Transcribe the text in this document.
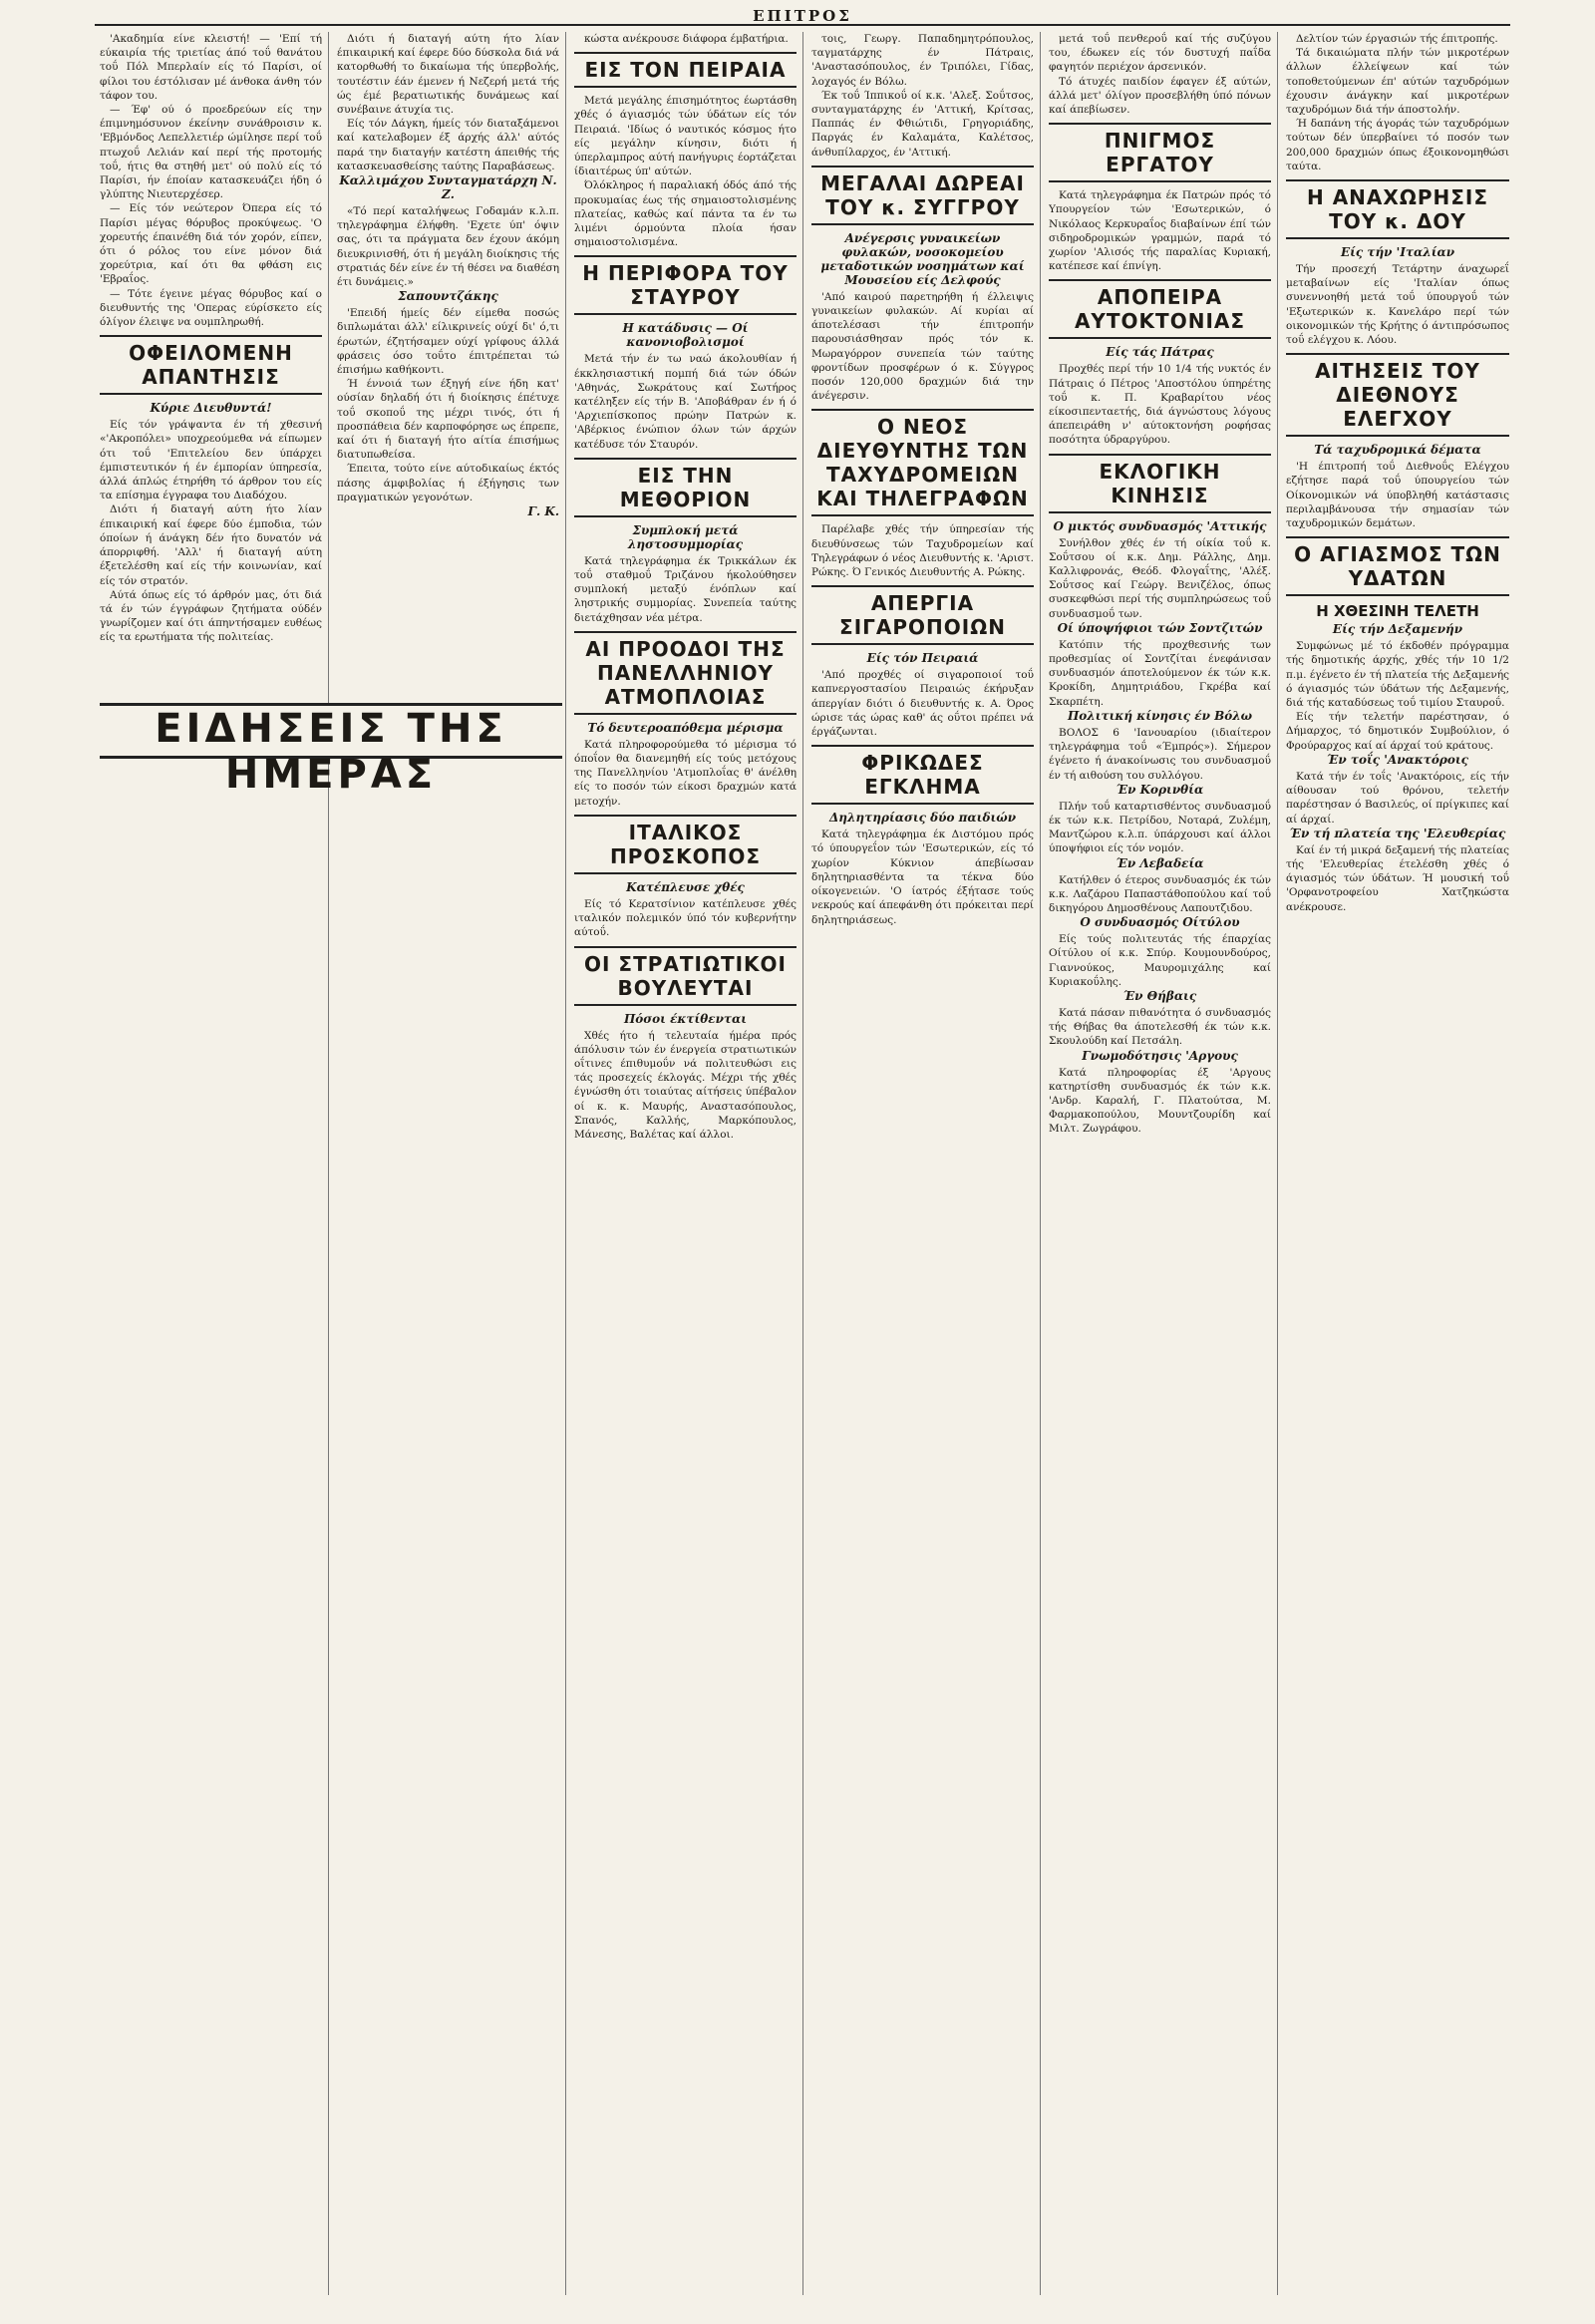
ΕΠΙΤΡΟΣ

'Ακαδημία είνε κλειστή! — 'Επί τή εύκαιρία τής τριετίας άπό τοΰ θανάτου τοΰ Πόλ Μπερλαίν είς τό Παρίσι, οί φίλοι του έστόλισαν μέ άνθοκα άνθη τόν τάφον του.

— Έφ' ού ό προεδρεύων είς την έπιμνημόσυνον έκείνην συνάθροισιν κ. 'Εβμόνδος Λεπελλετιέρ ώμίλησε περί τοΰ πτωχοΰ Λελιάν καί περί τής προτομής τοΰ, ήτις θα στηθή μετ' ού πολύ είς τό Παρίσι, ήν έποίαν κατασκευάζει ήδη ό γλύπτης Νιευτερχέσερ.

— Είς τόν νεώτερον Όπερα είς τό Παρίσι μέγας θόρυβος προκύψεως. 'Ο χορευτής έπαινέθη διά τόν χορόν, είπεν, ότι ό ρόλος του είνε μόνον διά χορεύτρια, καί ότι θα φθάση εις 'Εβραΐος.

— Τότε έγεινε μέγας θόρυβος καί ο διευθυντής της 'Οπερας εύρίσκετο είς όλίγον έλειψε να ουμπληρωθή.

ΟΦΕΙΛΟΜΕΝΗ ΑΠΑΝΤΗΣΙΣ
Κύριε Διευθυντά!

Είς τόν γράψαντα έν τή χθεσινή «'Ακροπόλει» υποχρεούμεθα νά είπωμεν ότι τοΰ 'Επιτελείου δεν ύπάρχει έμπιστευτικόν ή έν έμπορίαν ύπηρεσία, άλλά άπλώς έτηρήθη τό άρθρον του είς τα επίσημα έγγραφα του Διαδόχου.

Διότι ή διαταγή αύτη ήτο λίαν έπικαιρική καί έφερε δύο έμποδια, τών όποίων ή άνάγκη δέν ήτο δυνατόν νά άπορριφθή. 'Αλλ' ή διαταγή αύτη έξετελέσθη καί είς τήν κοινωνίαν, καί είς τόν στρατόν.

Αύτά όπως είς τό άρθρόν μας, ότι διά τά έν τών έγγράφων ζητήματα ούδέν γνωρίζομεν καί ότι άπηντήσαμεν ευθέως είς τα ερωτήματα τής πολιτείας.

Διότι ή διαταγή αύτη ήτο λίαν έπικαιρική καί έφερε δύο δύσκολα διά νά κατορθωθή το δικαίωμα τής ύπερβολής, τουτέστιν έάν έμενεν ή Νεζερή μετά τής ώς έμέ βερατιωτικής δυνάμεως καί συνέβαινε άτυχία τις.

Είς τόν Δάγκη, ήμείς τόν διαταξάμενοι καί κατελαβομεν έξ άρχής άλλ' αύτός παρά την διαταγήν κατέστη άπειθής τής κατασκευασθείσης ταύτης Παραβάσεως.

Καλλιμάχου Συνταγματάρχη Ν. Ζ.

«Τό περί καταλήψεως Γοδαμάν κ.λ.π. τηλεγράφημα έλήφθη. 'Εχετε ύπ' όψιν σας, ότι τα πράγματα δεν έχουν άκόμη διευκρινισθή, ότι ή μεγάλη διοίκησις τής στρατιάς δέν είνε έν τή θέσει να διαθέση έτι δυνάμεις.»

Σαπουντζάκης

'Επειδή ήμείς δέν είμεθα ποσώς διπλωμάται άλλ' είλικρινείς ούχί δι' ό,τι έρωτών, έζητήσαμεν ούχί γρίφους άλλά φράσεις όσο τοΰτο έπιτρέπεται τώ έπισήμω καθήκοντι.

Ή έννοιά των έξηγή είνε ήδη κατ' ούσίαν δηλαδή ότι ή διοίκησις έπέτυχε τοΰ σκοποΰ της μέχρι τινός, ότι ή προσπάθεια δέν καρποφόρησε ως έπρεπε, καί ότι ή διαταγή ήτο αίτία έπισήμως διατυπωθείσα.

Έπειτα, τούτο είνε αύτοδικαίως έκτός πάσης άμφιβολίας ή έξήγησις των πραγματικών γεγονότων.

Γ. Κ.

κώστα ανέκρουσε διάφορα έμβατήρια.

ΕΙΣ ΤΟΝ ΠΕΙΡΑΙΑ

Μετά μεγάλης έπισημότητος έωρτάσθη χθές ό άγιασμός τών ύδάτων είς τόν Πειραιά. 'Ιδίως ό ναυτικός κόσμος ήτο είς μεγάλην κίνησιν, διότι ή ύπερλαμπρος αύτή πανήγυρις έορτάζεται ίδιαιτέρως ύπ' αύτών.

Όλόκληρος ή παραλιακή όδός άπό τής προκυμαίας έως τής σημαιοστολισμένης πλατείας, καθώς καί πάντα τα έν τω λιμένι όρμούντα πλοία ήσαν σημαιοστολισμένα.

Η ΠΕΡΙΦΟΡΑ ΤΟΥ ΣΤΑΥΡΟΥ
Η κατάδυσις — Οί κανονιοβολισμοί

Μετά τήν έν τω ναώ άκολουθίαν ή έκκλησιαστική πομπή διά τών όδών 'Αθηνάς, Σωκράτους καί Σωτήρος κατέληξεν είς τήν Β. 'Αποβάθραν έν ή ό 'Αρχιεπίσκοπος πρώην Πατρών κ. 'Αβέρκιος ένώπιον όλων τών άρχών κατέδυσε τόν Σταυρόν.

ΕΙΣ ΤΗΝ ΜΕΘΟΡΙΟΝ
Συμπλοκή μετά ληστοσυμμορίας

Κατά τηλεγράφημα έκ Τρικκάλων έκ τοΰ σταθμοΰ Τριζάνου ήκολούθησεν συμπλοκή μεταξύ ένόπλων καί ληστρικής συμμορίας. Συνεπεία ταύτης διετάχθησαν νέα μέτρα.

ΑΙ ΠΡΟΟΔΟΙ ΤΗΣ ΠΑΝΕΛΛΗΝΙΟΥ ΑΤΜΟΠΛΟΙΑΣ
Τό δευτεροαπόθεμα μέρισμα

Κατά πληροφορούμεθα τό μέρισμα τό όποΐον θα διανεμηθή είς τούς μετόχους της Πανελληνίου 'Ατμοπλοΐας θ' άνέλθη είς το ποσόν τών είκοσι δραχμών κατά μετοχήν.

ΙΤΑΛΙΚΟΣ ΠΡΟΣΚΟΠΟΣ
Κατέπλευσε χθές

Είς τό Κερατσίνιον κατέπλευσε χθές ιταλικόν πολεμικόν ύπό τόν κυβερνήτην αύτοΰ.

ΟΙ ΣΤΡΑΤΙΩΤΙΚΟΙ ΒΟΥΛΕΥΤΑΙ
Πόσοι έκτίθενται

Χθές ήτο ή τελευταία ήμέρα πρός άπόλυσιν τών έν ένεργεία στρατιωτικών οΐτινες έπιθυμοΰν νά πολιτευθώσι εις τάς προσεχείς έκλογάς. Μέχρι τής χθές έγνώσθη ότι τοιαύτας αίτήσεις ύπέβαλον οί κ. κ. Μαυρής, Αναστασόπουλος, Σπανός, Καλλής, Μαρκόπουλος, Μάνεσης, Βαλέτας καί άλλοι.

τοις, Γεωργ. Παπαδημητρόπουλος, ταγματάρχης έν Πάτραις, 'Αναστασόπουλος, έν Τριπόλει, Γίδας, λοχαγός έν Βόλω.

Έκ τοΰ Ίππικοΰ οί κ.κ. 'Αλεξ. Σοΰτσος, συνταγματάρχης έν 'Αττική, Κρίτσας, Παππάς έν Φθιώτιδι, Γρηγοριάδης, Παργάς έν Καλαμάτα, Καλέτσος, άνθυπίλαρχος, έν 'Αττική.

ΜΕΓΑΛΑΙ ΔΩΡΕΑΙ ΤΟΥ κ. ΣΥΓΓΡΟΥ
Ανέγερσις γυναικείων φυλακών, νοσοκομείου μεταδοτικών νοσημάτων καί Μουσείου είς Δελφούς

'Από καιρού παρετηρήθη ή έλλειψις γυναικείων φυλακών. Αί κυρίαι αί άποτελέσασι τήν έπιτροπήν παρουσιάσθησαν πρός τόν κ. Μωραγόρρον συνεπεία τών ταύτης φροντίδων προσφέρων ό κ. Σύγγρος ποσόν 120,000 δραχμών διά την άνέγερσιν.

Ο ΝΕΟΣ ΔΙΕΥΘΥΝΤΗΣ ΤΩΝ ΤΑΧΥΔΡΟΜΕΙΩΝ ΚΑΙ ΤΗΛΕΓΡΑΦΩΝ

Παρέλαβε χθές τήν ύπηρεσίαν τής διευθύνσεως τών Ταχυδρομείων καί Τηλεγράφων ό νέος Διευθυντής κ. 'Αριστ. Ρώκης. Ό Γενικός Διευθυντής Α. Ρώκης.

ΑΠΕΡΓΙΑ ΣΙΓΑΡΟΠΟΙΩΝ
Είς τόν Πειραιά

'Από προχθές οί σιγαροποιοί τοΰ καπνεργοστασίου Πειραιώς έκήρυξαν άπεργίαν διότι ό διευθυντής κ. Α. Όρος ώρισε τάς ώρας καθ' άς οΰτοι πρέπει νά έργάζωνται.

ΦΡΙΚΩΔΕΣ ΕΓΚΛΗΜΑ
Δηλητηρίασις δύο παιδιών

Κατά τηλεγράφημα έκ Διστόμου πρός τό ύπουργεΐον τών 'Εσωτερικών, είς τό χωρίον Κύκνιον άπεβίωσαν δηλητηριασθέντα τα τέκνα δύο οίκογενειών. 'Ο ίατρός έξήτασε τούς νεκρούς καί άπεφάνθη ότι πρόκειται περί δηλητηριάσεως.

μετά τοΰ πενθεροΰ καί τής συζύγου του, έδωκεν είς τόν δυστυχή παΐδα φαγητόν περιέχον άρσενικόν.

Τό άτυχές παιδίον έφαγεν έξ αύτών, άλλά μετ' όλίγον προσεβλήθη ύπό πόνων καί άπεβίωσεν.

ΠΝΙΓΜΟΣ ΕΡΓΑΤΟΥ

Κατά τηλεγράφημα έκ Πατρών πρός τό Υπουργείον τών 'Εσωτερικών, ό Νικόλαος Κερκυραΐος διαβαίνων έπί τών σιδηροδρομικών γραμμών, παρά τό χωρίον 'Αλισός τής παραλίας Κυριακή, κατέπεσε καί έπνίγη.

ΑΠΟΠΕΙΡΑ ΑΥΤΟΚΤΟΝΙΑΣ
Είς τάς Πάτρας

Προχθές περί τήν 10 1/4 τής νυκτός έν Πάτραις ό Πέτρος 'Αποστόλου ύπηρέτης τοΰ κ. Π. Κραβαρίτου νέος είκοσιπενταετής, διά άγνώστους λόγους άπεπειράθη ν' αύτοκτονήση ροφήσας ποσότητα ύδραργύρου.

ΕΚΛΟΓΙΚΗ ΚΙΝΗΣΙΣ
Ο μικτός συνδυασμός 'Αττικής

Συνήλθον χθές έν τή οίκία τοΰ κ. Σοΰτσου οί κ.κ. Δημ. Ράλλης, Δημ. Καλλιφρονάς, Θεόδ. Φλογαΐτης, 'Αλέξ. Σοΰτσος καί Γεώργ. Βενιζέλος, όπως συσκεφθώσι περί τής συμπληρώσεως τοΰ συνδυασμοΰ των.

Οί ύποψήφιοι τών Σοντζιτών

Κατόπιν τής προχθεσινής των προθεσμίας οί Σοντζίται ένεφάνισαν συνδυασμόν άποτελούμενον έκ τών κ.κ. Κροκίδη, Δημητριάδου, Γκρέβα καί Σκαρπέτη.

Πολιτική κίνησις έν Βόλω

ΒΟΛΟΣ 6 'Ιανουαρίου (ιδιαίτερον τηλεγράφημα τοΰ «Έμπρός»). Σήμερον έγένετο ή άνακοίνωσις του συνδυασμοΰ έν τή αιθούση του συλλόγου.

Έν Κορινθία

Πλήν τοΰ καταρτισθέντος συνδυασμοΰ έκ τών κ.κ. Πετρίδου, Νοταρά, Ζυλέμη, Μαντζώρου κ.λ.π. ύπάρχουσι καί άλλοι ύποψήφιοι είς τόν νομόν.

Έν Λεβαδεία

Κατήλθεν ό έτερος συνδυασμός έκ τών κ.κ. Λαζάρου Παπαστάθοπούλου καί τοΰ δικηγόρου Δημοσθένους Λαπουτζιδου.

Ο συνδυασμός Οίτύλου

Είς τούς πολιτευτάς τής έπαρχίας Οίτύλου οί κ.κ. Σπύρ. Κουμουνδούρος, Γιαννούκος, Μαυρομιχάλης καί Κυριακοΰλης.

Έν Θήβαις

Κατά πάσαν πιθανότητα ό συνδυασμός τής Θήβας θα άποτελεσθή έκ τών κ.κ. Σκουλούδη καί Πετσάλη.

Γνωμοδότησις 'Αργους

Κατά πληροφορίας έξ 'Αργους κατηρτίσθη συνδυασμός έκ τών κ.κ. 'Ανδρ. Καραλή, Γ. Πλατούτσα, Μ. Φαρμακοπούλου, Μουντζουρίδη καί Μιλτ. Ζωγράφου.

Δελτίον τών έργασιών τής έπιτροπής.

Τά δικαιώματα πλήν τών μικροτέρων άλλων έλλείψεων καί τών τοποθετούμενων έπ' αύτών ταχυδρόμων έχουσιν άνάγκην καί μικροτέρων ταχυδρόμων διά τήν άποστολήν.

Ή δαπάνη τής άγοράς τών ταχυδρόμων τούτων δέν ύπερβαίνει τό ποσόν των 200,000 δραχμών όπως έξοικονομηθώσι ταύτα.

Η ΑΝΑΧΩΡΗΣΙΣ ΤΟΥ κ. ΔΟΥ
Είς τήν 'Ιταλίαν

Τήν προσεχή Τετάρτην άναχωρεΐ μεταβαίνων είς 'Ιταλίαν όπως συνεννοηθή μετά τοΰ ύπουργοΰ τών 'Εξωτερικών κ. Κανελάρο περί τών οικονομικών τής Κρήτης ό άντιπρόσωπος τοΰ ελέγχου κ. Λόου.

ΑΙΤΗΣΕΙΣ ΤΟΥ ΔΙΕΘΝΟΥΣ ΕΛΕΓΧΟΥ
Τά ταχυδρομικά δέματα

'Η έπιτροπή τοΰ Διεθνοΰς Ελέγχου εζήτησε παρά τοΰ ύπουργείου τών Οίκονομικών νά ύποβληθή κατάστασις περιλαμβάνουσα τήν σημασίαν τών ταχυδρομικών δεμάτων.

Ο ΑΓΙΑΣΜΟΣ ΤΩΝ ΥΔΑΤΩΝ
Η ΧΘΕΣΙΝΗ ΤΕΛΕΤΗ
Είς τήν Δεξαμενήν

Συμφώνως μέ τό έκδοθέν πρόγραμμα τής δημοτικής άρχής, χθές τήν 10 1/2 π.μ. έγένετο έν τή πλατεία τής Δεξαμενής ό άγιασμός τών ύδάτων τής Δεξαμενής, διά τής καταδύσεως τοΰ τιμίου Σταυροΰ.

Είς τήν τελετήν παρέστησαν, ό Δήμαρχος, τό δημοτικόν Συμβούλιον, ό Φρούραρχος καί αί άρχαί τού κράτους.

Έν τοΐς 'Ανακτόροις

Κατά τήν έν τοΐς 'Ανακτόροις, είς τήν αίθουσαν τού θρόνου, τελετήν παρέστησαν ό Βασιλεύς, οί πρίγκιπες καί αί άρχαί.

Έν τή πλατεία της 'Ελευθερίας

Καί έν τή μικρά δεξαμενή τής πλατείας τής 'Ελευθερίας έτελέσθη χθές ό άγιασμός τών ύδάτων. Ή μουσική τοΰ 'Ορφανοτροφείου Χατζηκώστα ανέκρουσε.

ΕΙΔΗΣΕΙΣ ΤΗΣ ΗΜΕΡΑΣ
